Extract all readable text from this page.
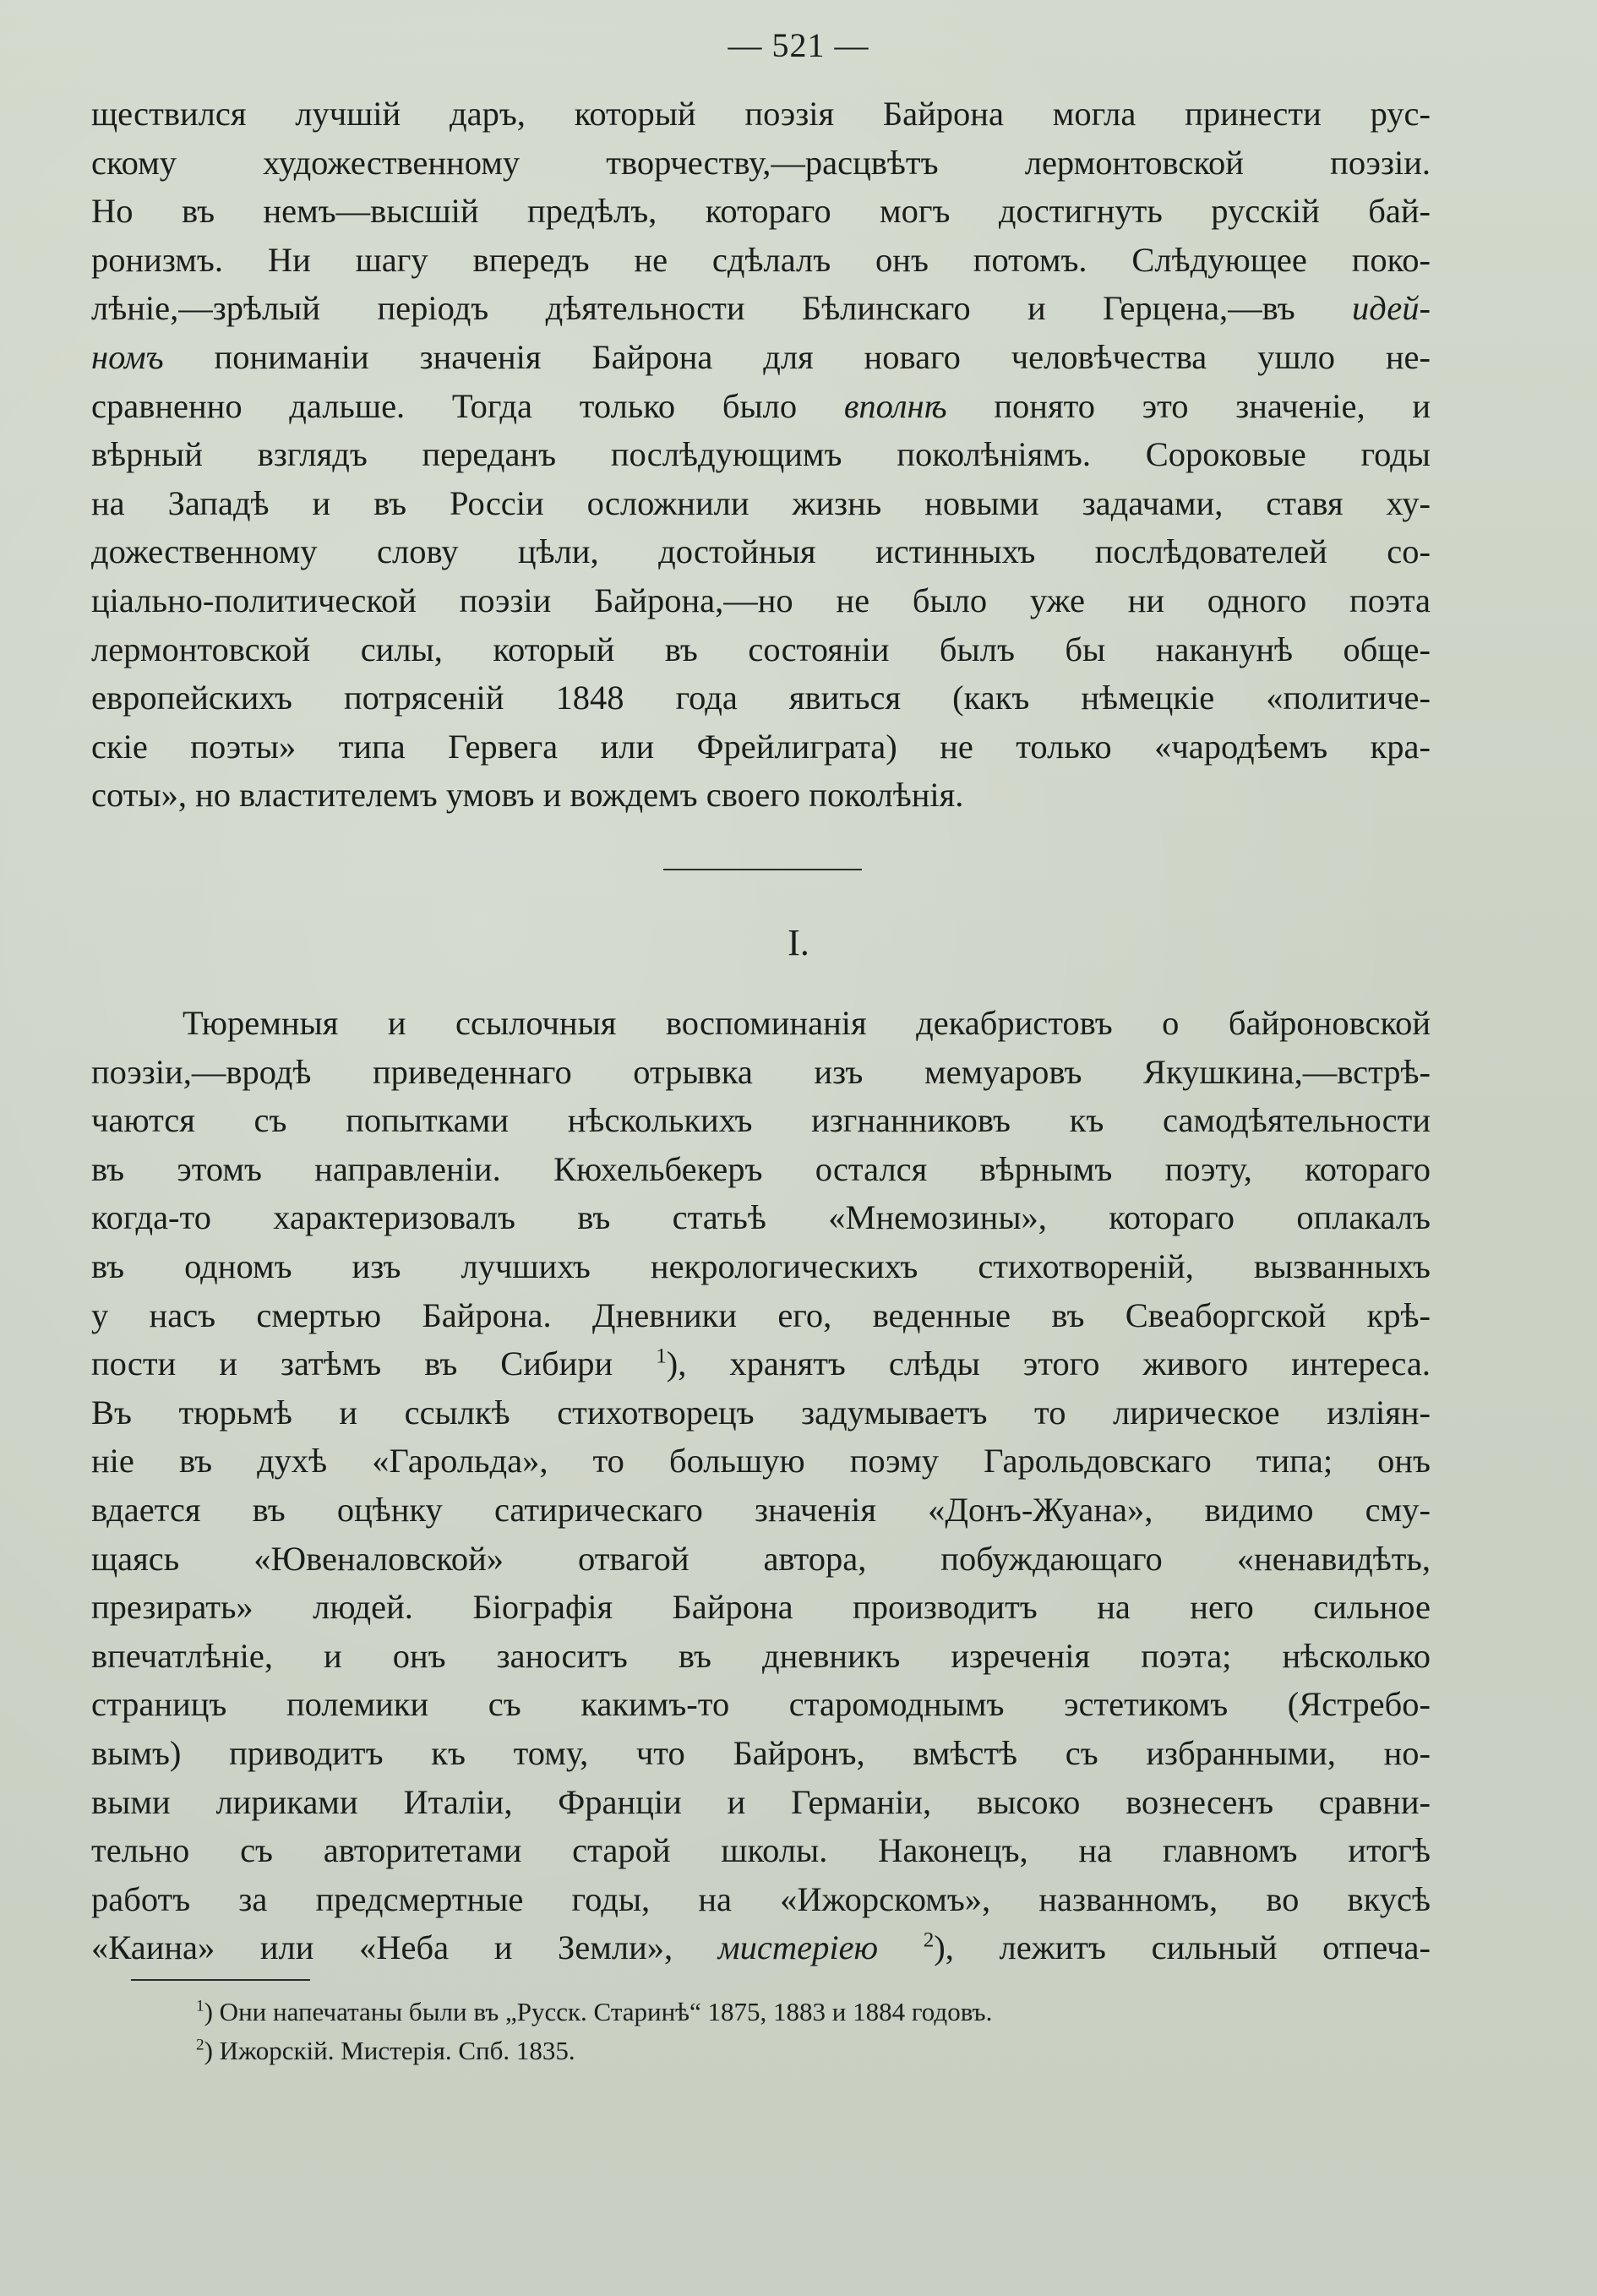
— 521 —
ществился лучшій даръ, который поэзія Байрона могла принести рус-
скому художественному творчеству,—расцвѣтъ лермонтовской поэзіи.
Но въ немъ—высшій предѣлъ, котораго могъ достигнуть русскій бай-
ронизмъ. Ни шагу впередъ не сдѣлалъ онъ потомъ. Слѣдующее поко-
лѣніе,—зрѣлый періодъ дѣятельности Бѣлинскаго и Герцена,—въ идей-
номъ пониманіи значенія Байрона для новаго человѣчества ушло не-
сравненно дальше. Тогда только было вполнѣ понято это значеніе, и
вѣрный взглядъ переданъ послѣдующимъ поколѣніямъ. Сороковые годы
на Западѣ и въ Россіи осложнили жизнь новыми задачами, ставя ху-
дожественному слову цѣли, достойныя истинныхъ послѣдователей со-
ціально-политической поэзіи Байрона,—но не было уже ни одного поэта
лермонтовской силы, который въ состояніи былъ бы наканунѣ обще-
европейскихъ потрясеній 1848 года явиться (какъ нѣмецкіе «политиче-
скіе поэты» типа Гервега или Фрейлиграта) не только «чародѣемъ кра-
соты», но властителемъ умовъ и вождемъ своего поколѣнія.
I.
Тюремныя и ссылочныя воспоминанія декабристовъ о байроновской
поэзіи,—вродѣ приведеннаго отрывка изъ мемуаровъ Якушкина,—встрѣ-
чаются съ попытками нѣсколькихъ изгнанниковъ къ самодѣятельности
въ этомъ направленіи. Кюхельбекеръ остался вѣрнымъ поэту, котораго
когда-то характеризовалъ въ статьѣ «Мнемозины», котораго оплакалъ
въ одномъ изъ лучшихъ некрологическихъ стихотвореній, вызванныхъ
у насъ смертью Байрона. Дневники его, веденные въ Свеаборгской крѣ-
пости и затѣмъ въ Сибири $^1$), хранятъ слѣды этого живого интереса.
Въ тюрьмѣ и ссылкѣ стихотворецъ задумываетъ то лирическое изліян-
ніе въ духѣ «Гарольда», то большую поэму Гарольдовскаго типа; онъ
вдается въ оцѣнку сатирическаго значенія «Донъ-Жуана», видимо сму-
щаясь «Ювеналовской» отвагой автора, побуждающаго «ненавидѣть,
презирать» людей. Біографія Байрона производитъ на него сильное
впечатлѣніе, и онъ заноситъ въ дневникъ изреченія поэта; нѣсколько
страницъ полемики съ какимъ-то старомоднымъ эстетикомъ (Ястребо-
вымъ) приводитъ къ тому, что Байронъ, вмѣстѣ съ избранными, но-
выми лириками Италіи, Франціи и Германіи, высоко вознесенъ сравни-
тельно съ авторитетами старой школы. Наконецъ, на главномъ итогѣ
работъ за предсмертные годы, на «Ижорскомъ», названномъ, во вкусѣ
«Каина» или «Неба и Земли», мистеріею $^2$), лежитъ сильный отпеча-
$^1$) Они напечатаны были въ „Русск. Старинѣ“ 1875, 1883 и 1884 годовъ.
$^2$) Ижорскій. Мистерія. Спб. 1835.
